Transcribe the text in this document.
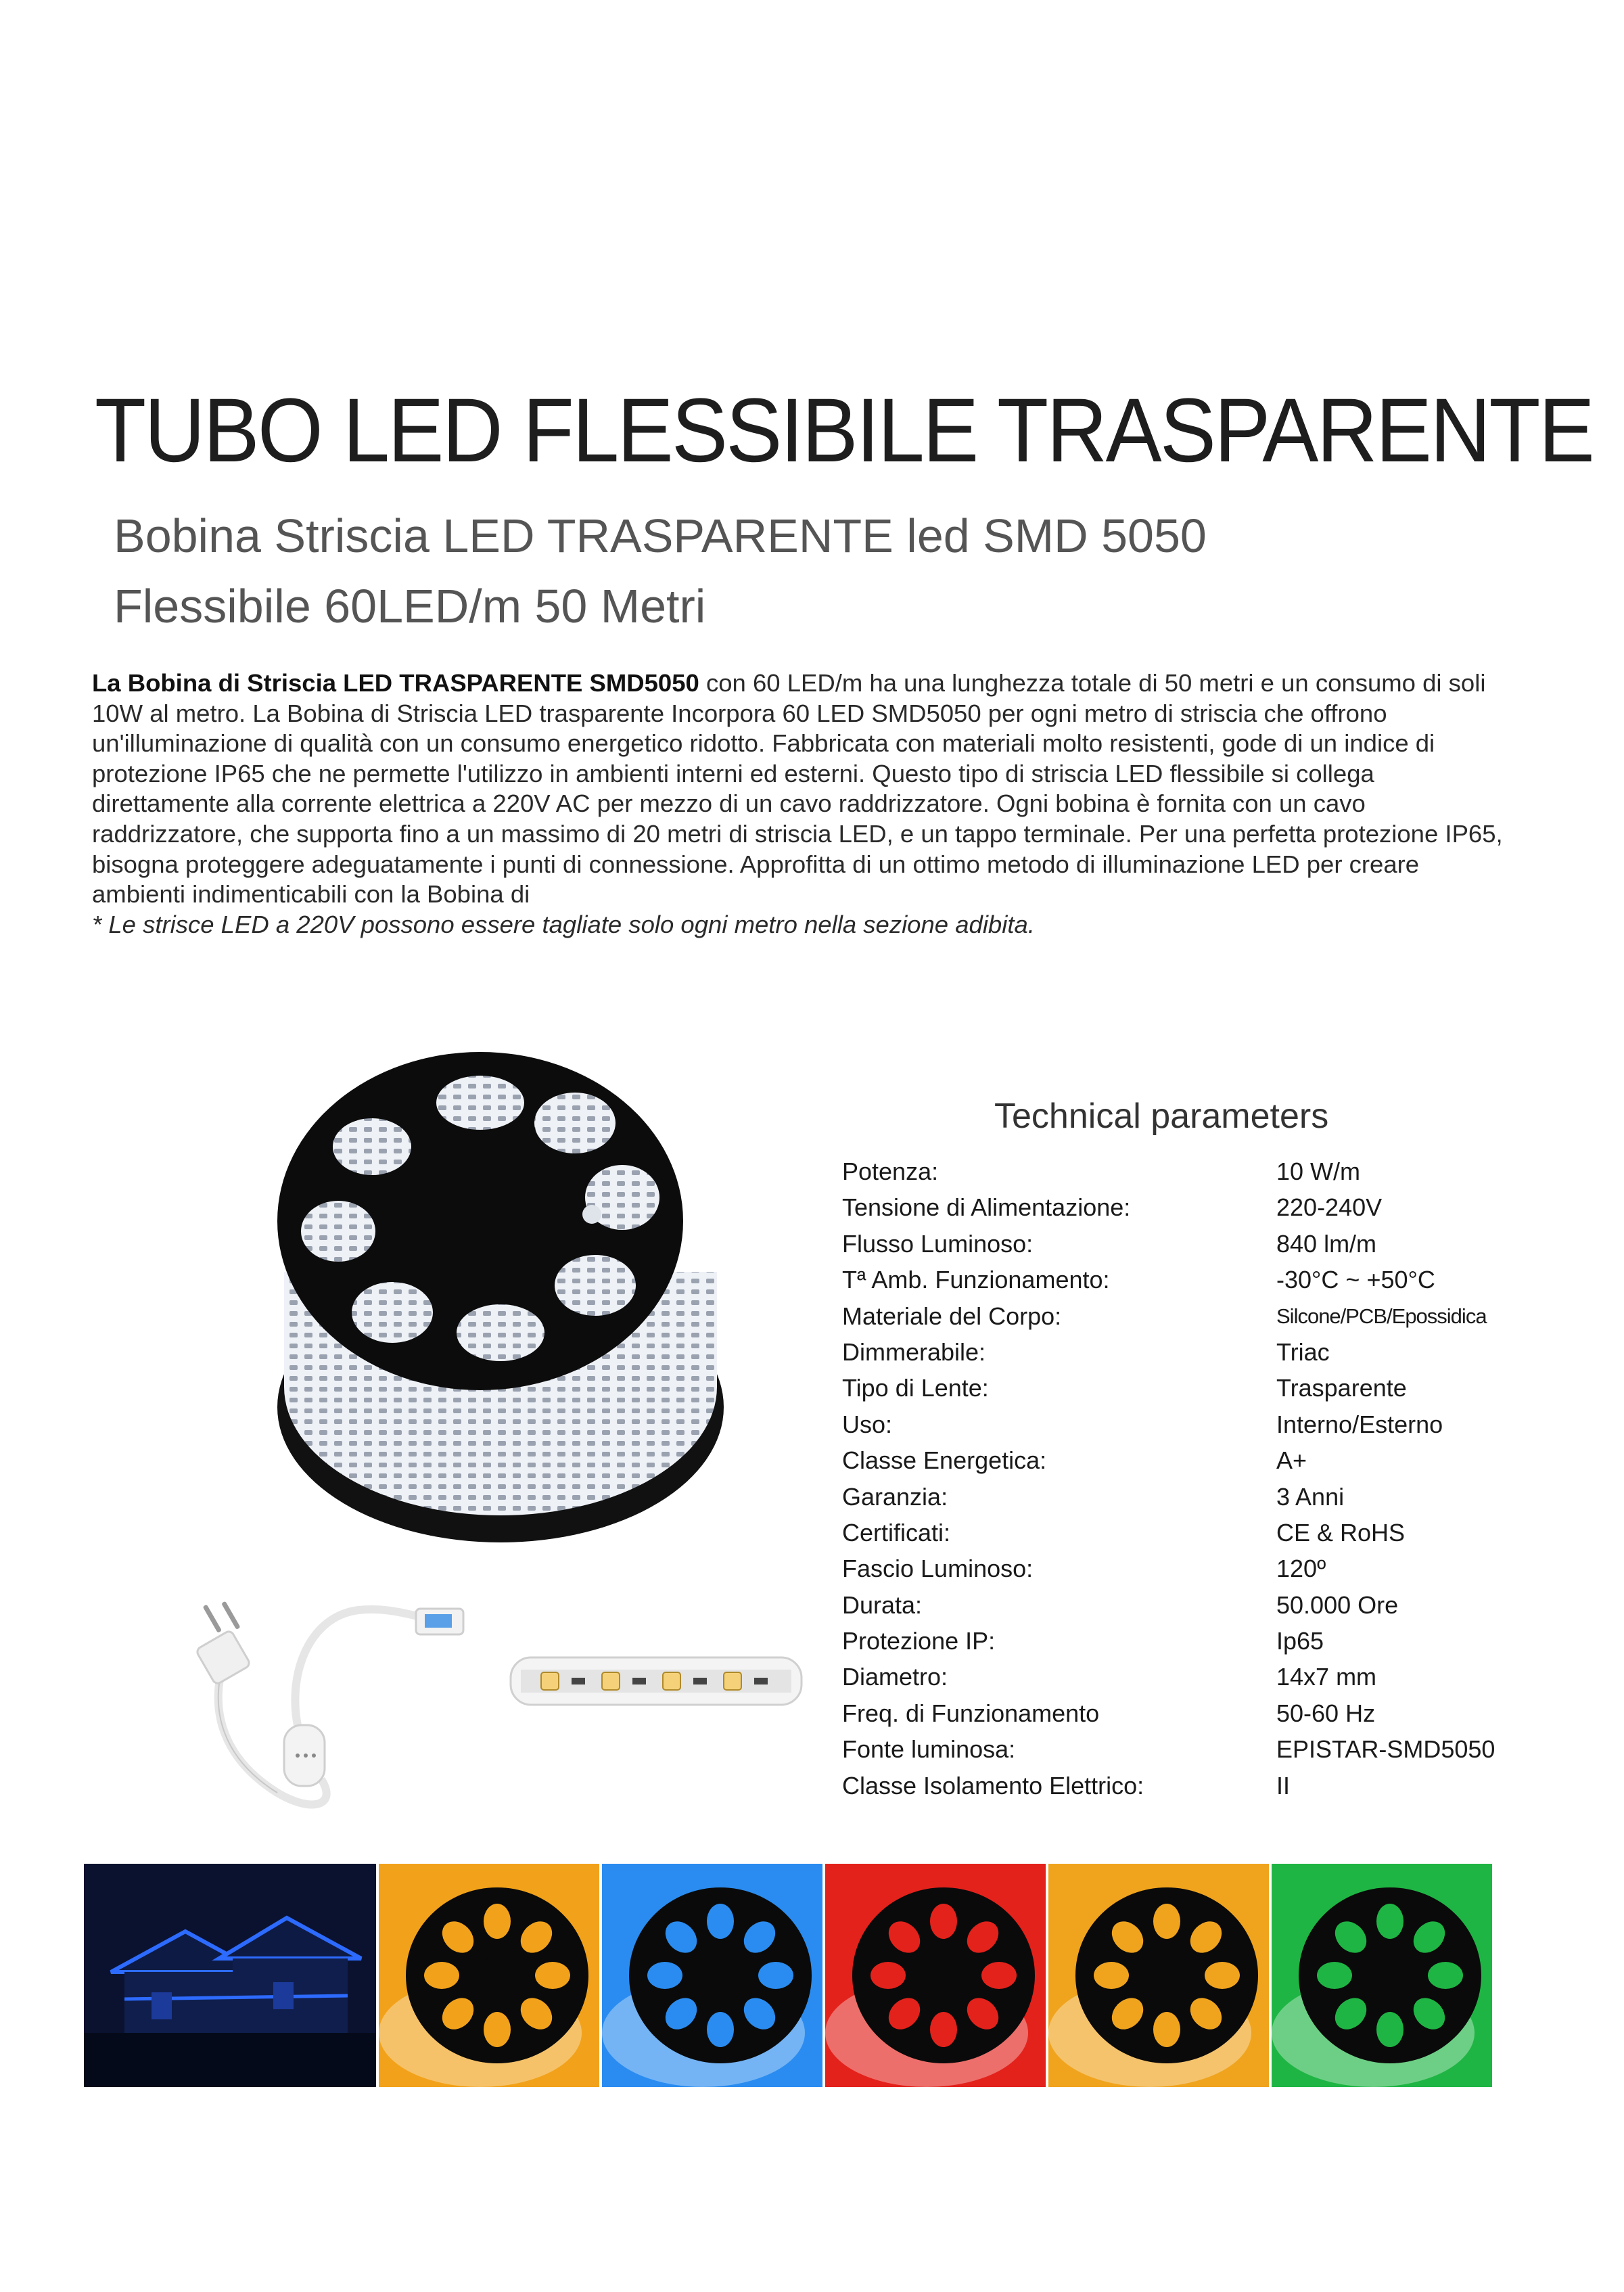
TUBO LED FLESSIBILE TRASPARENTE
Bobina Striscia LED TRASPARENTE led SMD 5050
Flessibile 60LED/m 50 Metri
La Bobina di Striscia LED TRASPARENTE SMD5050 con 60 LED/m ha una lunghezza totale di 50 metri e un consumo di soli 10W al metro. La Bobina di Striscia LED trasparente Incorpora 60 LED SMD5050 per ogni metro di striscia che offrono un'illuminazione di qualità con un consumo energetico ridotto. Fabbricata con materiali molto resistenti, gode di un indice di protezione IP65 che ne permette l'utilizzo in ambienti interni ed esterni. Questo tipo di striscia LED flessibile si collega direttamente alla corrente elettrica a 220V AC per mezzo di un cavo raddrizzatore. Ogni bobina è fornita con un cavo raddrizzatore, che supporta fino a un massimo di 20 metri di striscia LED, e un tappo terminale. Per una perfetta protezione IP65, bisogna proteggere adeguatamente i punti di connessione. Approfitta di un ottimo metodo di illuminazione LED per creare ambienti indimenticabili con la Bobina di
* Le strisce LED a 220V possono essere tagliate solo ogni metro nella sezione adibita.
Technical parameters
Potenza:	10 W/m
Tensione di Alimentazione:	220-240V
Flusso Luminoso:	840 lm/m
Tª Amb. Funzionamento:	-30°C ~ +50°C
Materiale del Corpo:	Silcone/PCB/Epossidica
Dimmerabile:	Triac
Tipo di Lente:	Trasparente
Uso:	Interno/Esterno
Classe Energetica:	A+
Garanzia:	3 Anni
Certificati:	CE & RoHS
Fascio Luminoso:	120º
Durata:	50.000 Ore
Protezione IP:	Ip65
Diametro:	14x7 mm
Freq. di Funzionamento	50-60 Hz
Fonte luminosa:	EPISTAR-SMD5050
Classe Isolamento Elettrico:	II
